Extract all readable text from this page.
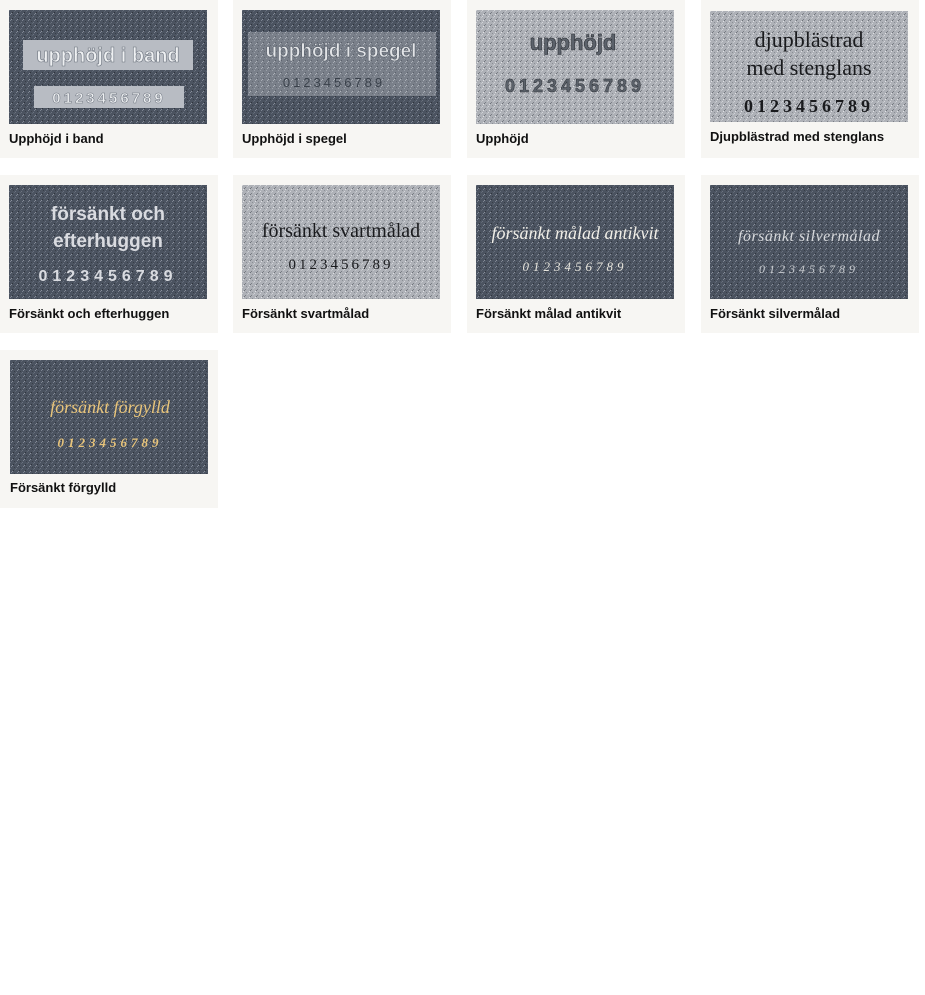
upphöjd i band
0123456789
Upphöjd i band
upphöjd i spegel
0123456789
Upphöjd i spegel
upphöjd
0123456789
Upphöjd
djupblästrad
med stenglans
0123456789
Djupblästrad med stenglans
försänkt och
efterhuggen
0123456789
Försänkt och efterhuggen
försänkt svartmålad
0123456789
Försänkt svartmålad
försänkt målad antikvit
0123456789
Försänkt målad antikvit
försänkt silvermålad
0123456789
Försänkt silvermålad
försänkt förgylld
0123456789
Försänkt förgylld
